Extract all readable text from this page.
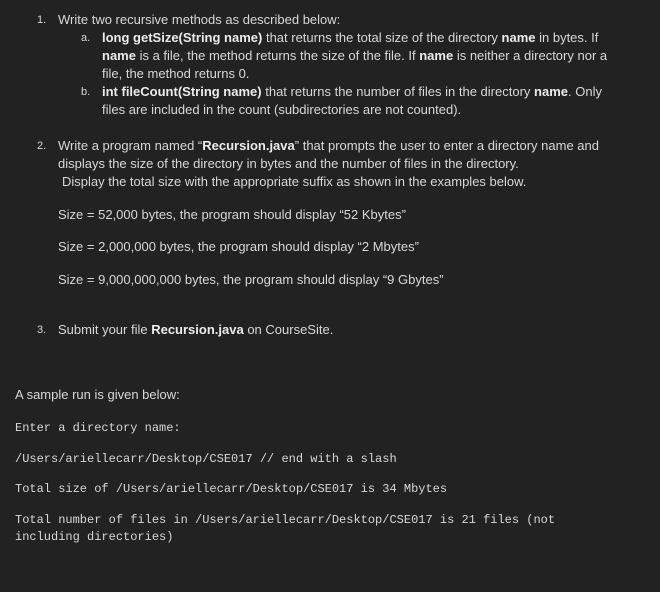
1. Write two recursive methods as described below:
a. long getSize(String name) that returns the total size of the directory name in bytes. If
name is a file, the method returns the size of the file. If name is neither a directory nor a
file, the method returns 0.
b. int fileCount(String name) that returns the number of files in the directory name. Only
files are included in the count (subdirectories are not counted).
2. Write a program named “Recursion.java” that prompts the user to enter a directory name and
displays the size of the directory in bytes and the number of files in the directory.
Display the total size with the appropriate suffix as shown in the examples below.
Size = 52,000 bytes, the program should display “52 Kbytes”
Size = 2,000,000 bytes, the program should display “2 Mbytes”
Size = 9,000,000,000 bytes, the program should display “9 Gbytes”
3. Submit your file Recursion.java on CourseSite.
A sample run is given below:
Enter a directory name:
/Users/ariellecarr/Desktop/CSE017 // end with a slash
Total size of /Users/ariellecarr/Desktop/CSE017 is 34 Mbytes
Total number of files in /Users/ariellecarr/Desktop/CSE017 is 21 files (not
including directories)
